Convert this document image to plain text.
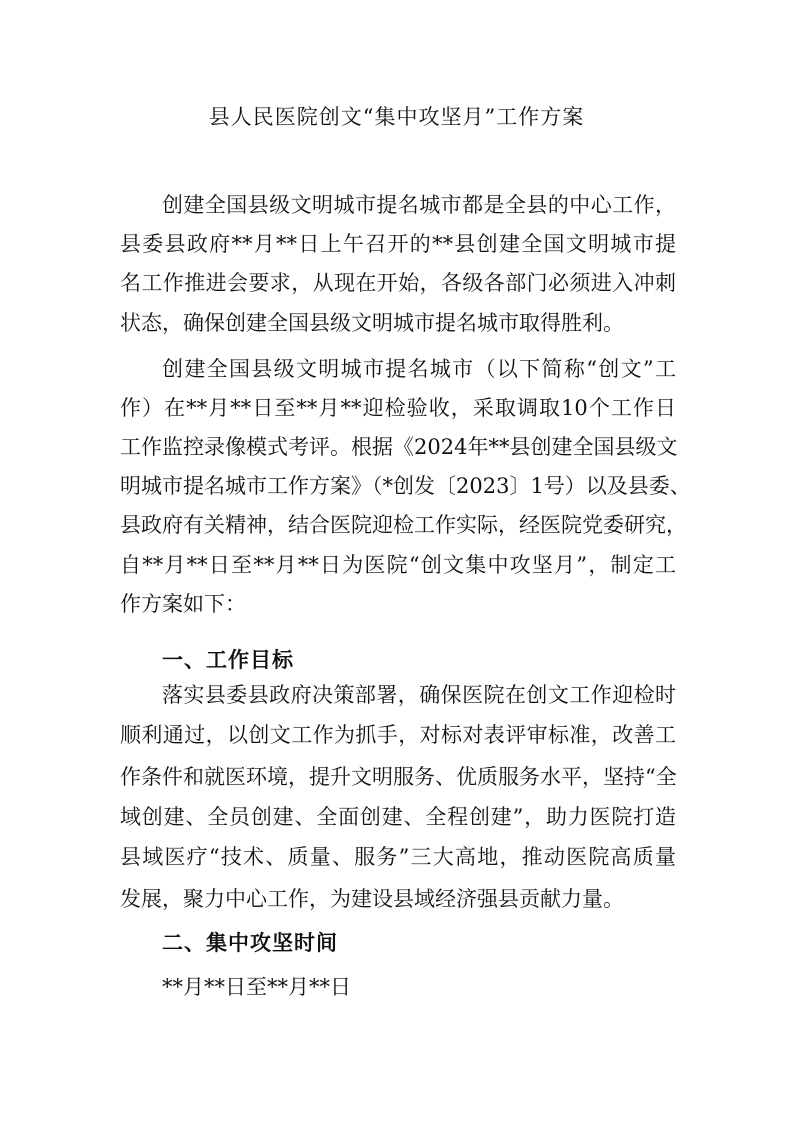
县人民医院创文“集中攻坚月”工作方案
创建全国县级文明城市提名城市都是全县的中心工作，
县委县政府**月**日上午召开的**县创建全国文明城市提
名工作推进会要求，从现在开始，各级各部门必须进入冲刺
状态，确保创建全国县级文明城市提名城市取得胜利。
创建全国县级文明城市提名城市（以下简称“创文”工
作）在**月**日至**月**迎检验收，采取调取10个工作日
工作监控录像模式考评。根据《2024年**县创建全国县级文
明城市提名城市工作方案》（*创发〔2023〕1号）以及县委、
县政府有关精神，结合医院迎检工作实际，经医院党委研究，
自**月**日至**月**日为医院“创文集中攻坚月”，制定工
作方案如下：
一、工作目标
落实县委县政府决策部署，确保医院在创文工作迎检时
顺利通过，以创文工作为抓手，对标对表评审标准，改善工
作条件和就医环境，提升文明服务、优质服务水平，坚持“全
域创建、全员创建、全面创建、全程创建”，助力医院打造
县域医疗“技术、质量、服务”三大高地，推动医院高质量
发展，聚力中心工作，为建设县域经济强县贡献力量。
二、集中攻坚时间
**月**日至**月**日
